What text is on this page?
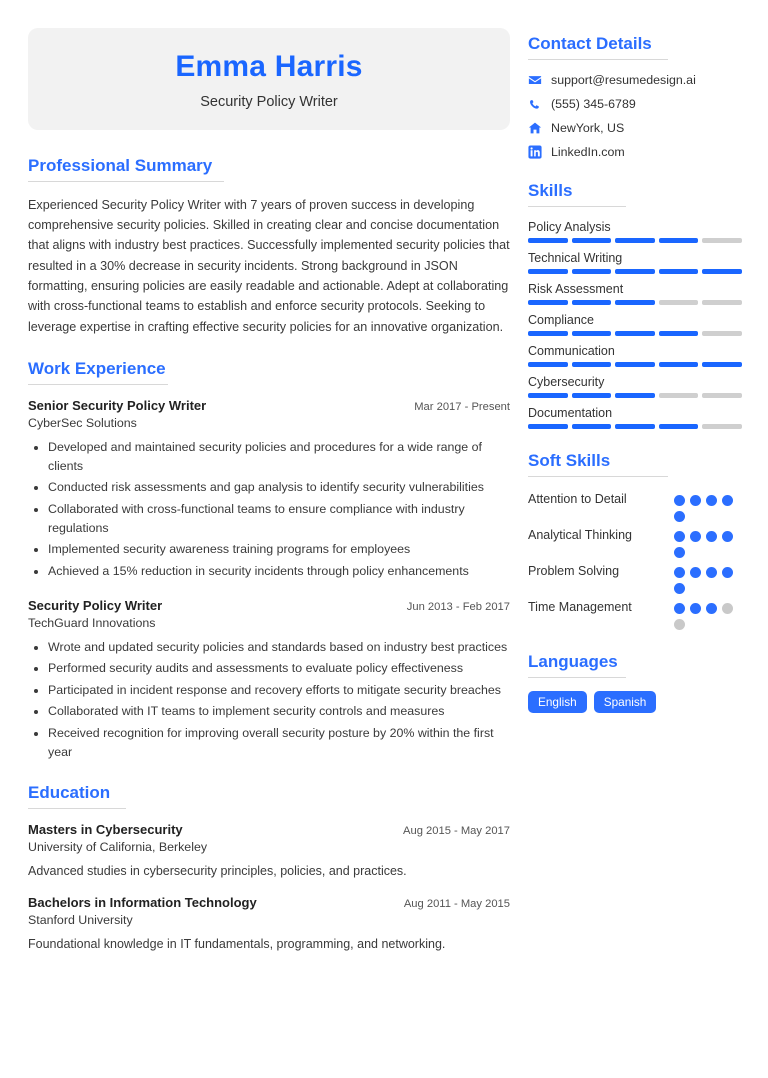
Emma Harris
Security Policy Writer
Professional Summary
Experienced Security Policy Writer with 7 years of proven success in developing comprehensive security policies. Skilled in creating clear and concise documentation that aligns with industry best practices. Successfully implemented security policies that resulted in a 30% decrease in security incidents. Strong background in JSON formatting, ensuring policies are easily readable and actionable. Adept at collaborating with cross-functional teams to establish and enforce security protocols. Seeking to leverage expertise in crafting effective security policies for an innovative organization.
Work Experience
Senior Security Policy Writer	Mar 2017 - Present
CyberSec Solutions
• Developed and maintained security policies and procedures for a wide range of clients
• Conducted risk assessments and gap analysis to identify security vulnerabilities
• Collaborated with cross-functional teams to ensure compliance with industry regulations
• Implemented security awareness training programs for employees
• Achieved a 15% reduction in security incidents through policy enhancements
Security Policy Writer	Jun 2013 - Feb 2017
TechGuard Innovations
• Wrote and updated security policies and standards based on industry best practices
• Performed security audits and assessments to evaluate policy effectiveness
• Participated in incident response and recovery efforts to mitigate security breaches
• Collaborated with IT teams to implement security controls and measures
• Received recognition for improving overall security posture by 20% within the first year
Education
Masters in Cybersecurity	Aug 2015 - May 2017
University of California, Berkeley
Advanced studies in cybersecurity principles, policies, and practices.
Bachelors in Information Technology	Aug 2011 - May 2015
Stanford University
Foundational knowledge in IT fundamentals, programming, and networking.
Contact Details
support@resumedesign.ai
(555) 345-6789
NewYork, US
LinkedIn.com
Skills
Policy Analysis
Technical Writing
Risk Assessment
Compliance
Communication
Cybersecurity
Documentation
Soft Skills
Attention to Detail
Analytical Thinking
Problem Solving
Time Management
Languages
English	Spanish
